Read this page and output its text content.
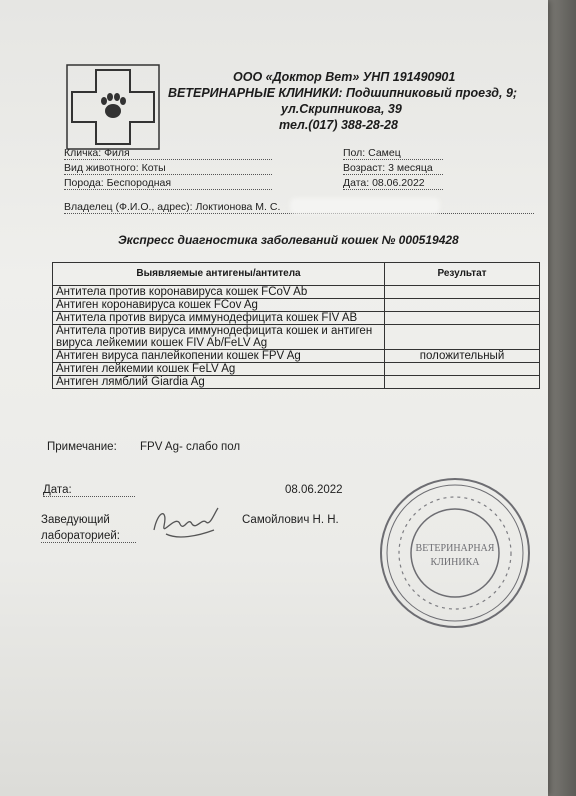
ООО «Доктор Вет» УНП 191490901
ВЕТЕРИНАРНЫЕ КЛИНИКИ: Подшипниковый проезд, 9;
ул.Скрипникова, 39
тел.(017) 388-28-28
Кличка: Филя
Вид животного: Коты
Порода: Беспородная
Пол: Самец
Возраст: 3 месяца
Дата: 08.06.2022
Владелец (Ф.И.О., адрес): Локтионова М. С.
Экспресс диагностика заболеваний кошек № 000519428
Выявляемые антигены/антитела	Результат
Антитела против коронавируса кошек FCoV Ab	
Антиген коронавируса кошек FCov Ag	
Антитела против вируса иммунодефицита кошек FIV AB	
Антитела против вируса иммунодефицита кошек и антиген вируса лейкемии кошек FIV Ab/FeLV Ag	
Антиген вируса панлейкопении кошек FPV Ag	положительный
Антиген лейкемии кошек FeLV Ag	
Антиген лямблий Giardia Ag	
Примечание: FPV Ag- слабо пол
Дата:	08.06.2022
Заведующий
лабораторией:
Самойлович Н. Н.
ВЕТЕРИНАРНАЯ
КЛИНИКА
